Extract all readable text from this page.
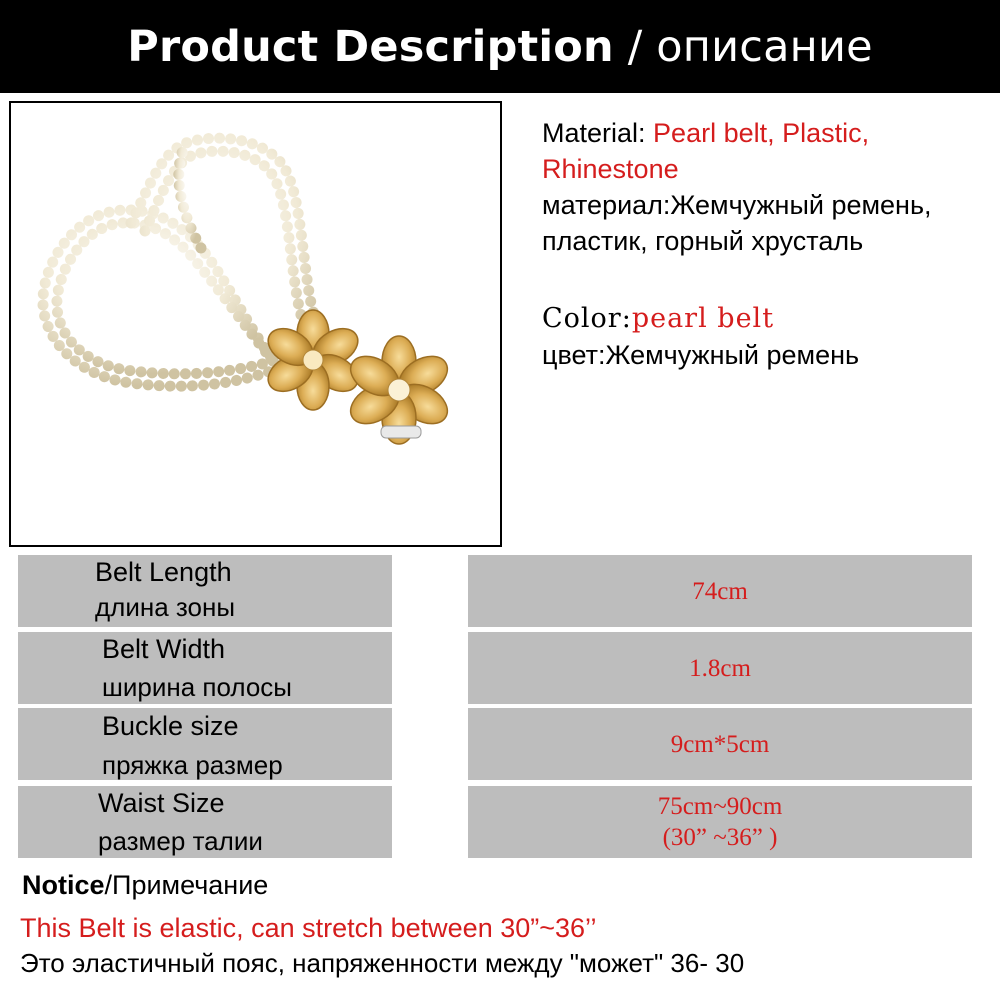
Product Description / описание
Material: Pearl belt, Plastic,
Rhinestone
материал:Жемчужный ремень,
пластик, горный хрусталь
Color:pearl belt
цвет:Жемчужный ремень
Belt Length
длина зоны
74cm
Belt Width
ширина полосы
1.8cm
Buckle size
пряжка размер
9cm*5cm
Waist Size
размер талии
75cm~90cm
(30” ~36” )
Notice/Примечание
This Belt is elastic, can stretch between 30”~36’’
Это эластичный пояс, напряженности между "может" 36- 30
